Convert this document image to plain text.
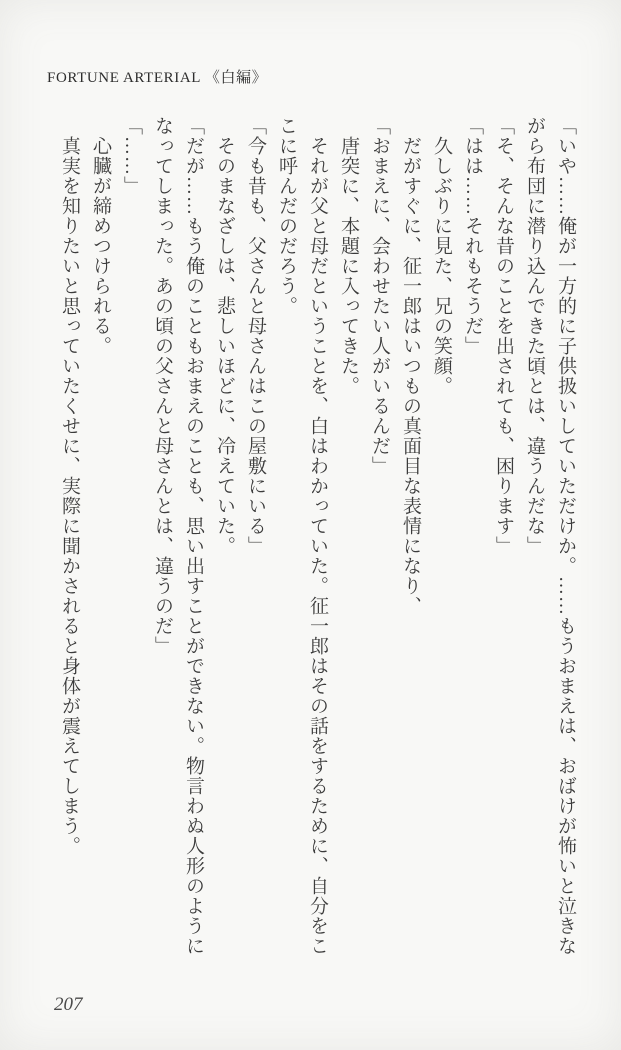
FORTUNE ARTERIAL 《白編》

「いや……俺が一方的に子供扱いしていただけか。……もうおまえは、おばけが怖いと泣きな

がら布団に潜り込んできた頃とは、違うんだな」

「そ、そんな昔のことを出されても、困ります」

「はは……それもそうだ」

　久しぶりに見た、兄の笑顔。

　だがすぐに、征一郎はいつもの真面目な表情になり、

「おまえに、会わせたい人がいるんだ」

　唐突に、本題に入ってきた。

　それが父と母だということを、白はわかっていた。征一郎はその話をするために、自分をこ

こに呼んだのだろう。

「今も昔も、父さんと母さんはこの屋敷にいる」

　そのまなざしは、悲しいほどに、冷えていた。

「だが……もう俺のこともおまえのことも、思い出すことができない。物言わぬ人形のように

なってしまった。あの頃の父さんと母さんとは、違うのだ」

「……」

　心臓が締めつけられる。

　真実を知りたいと思っていたくせに、実際に聞かされると身体が震えてしまう。

207
